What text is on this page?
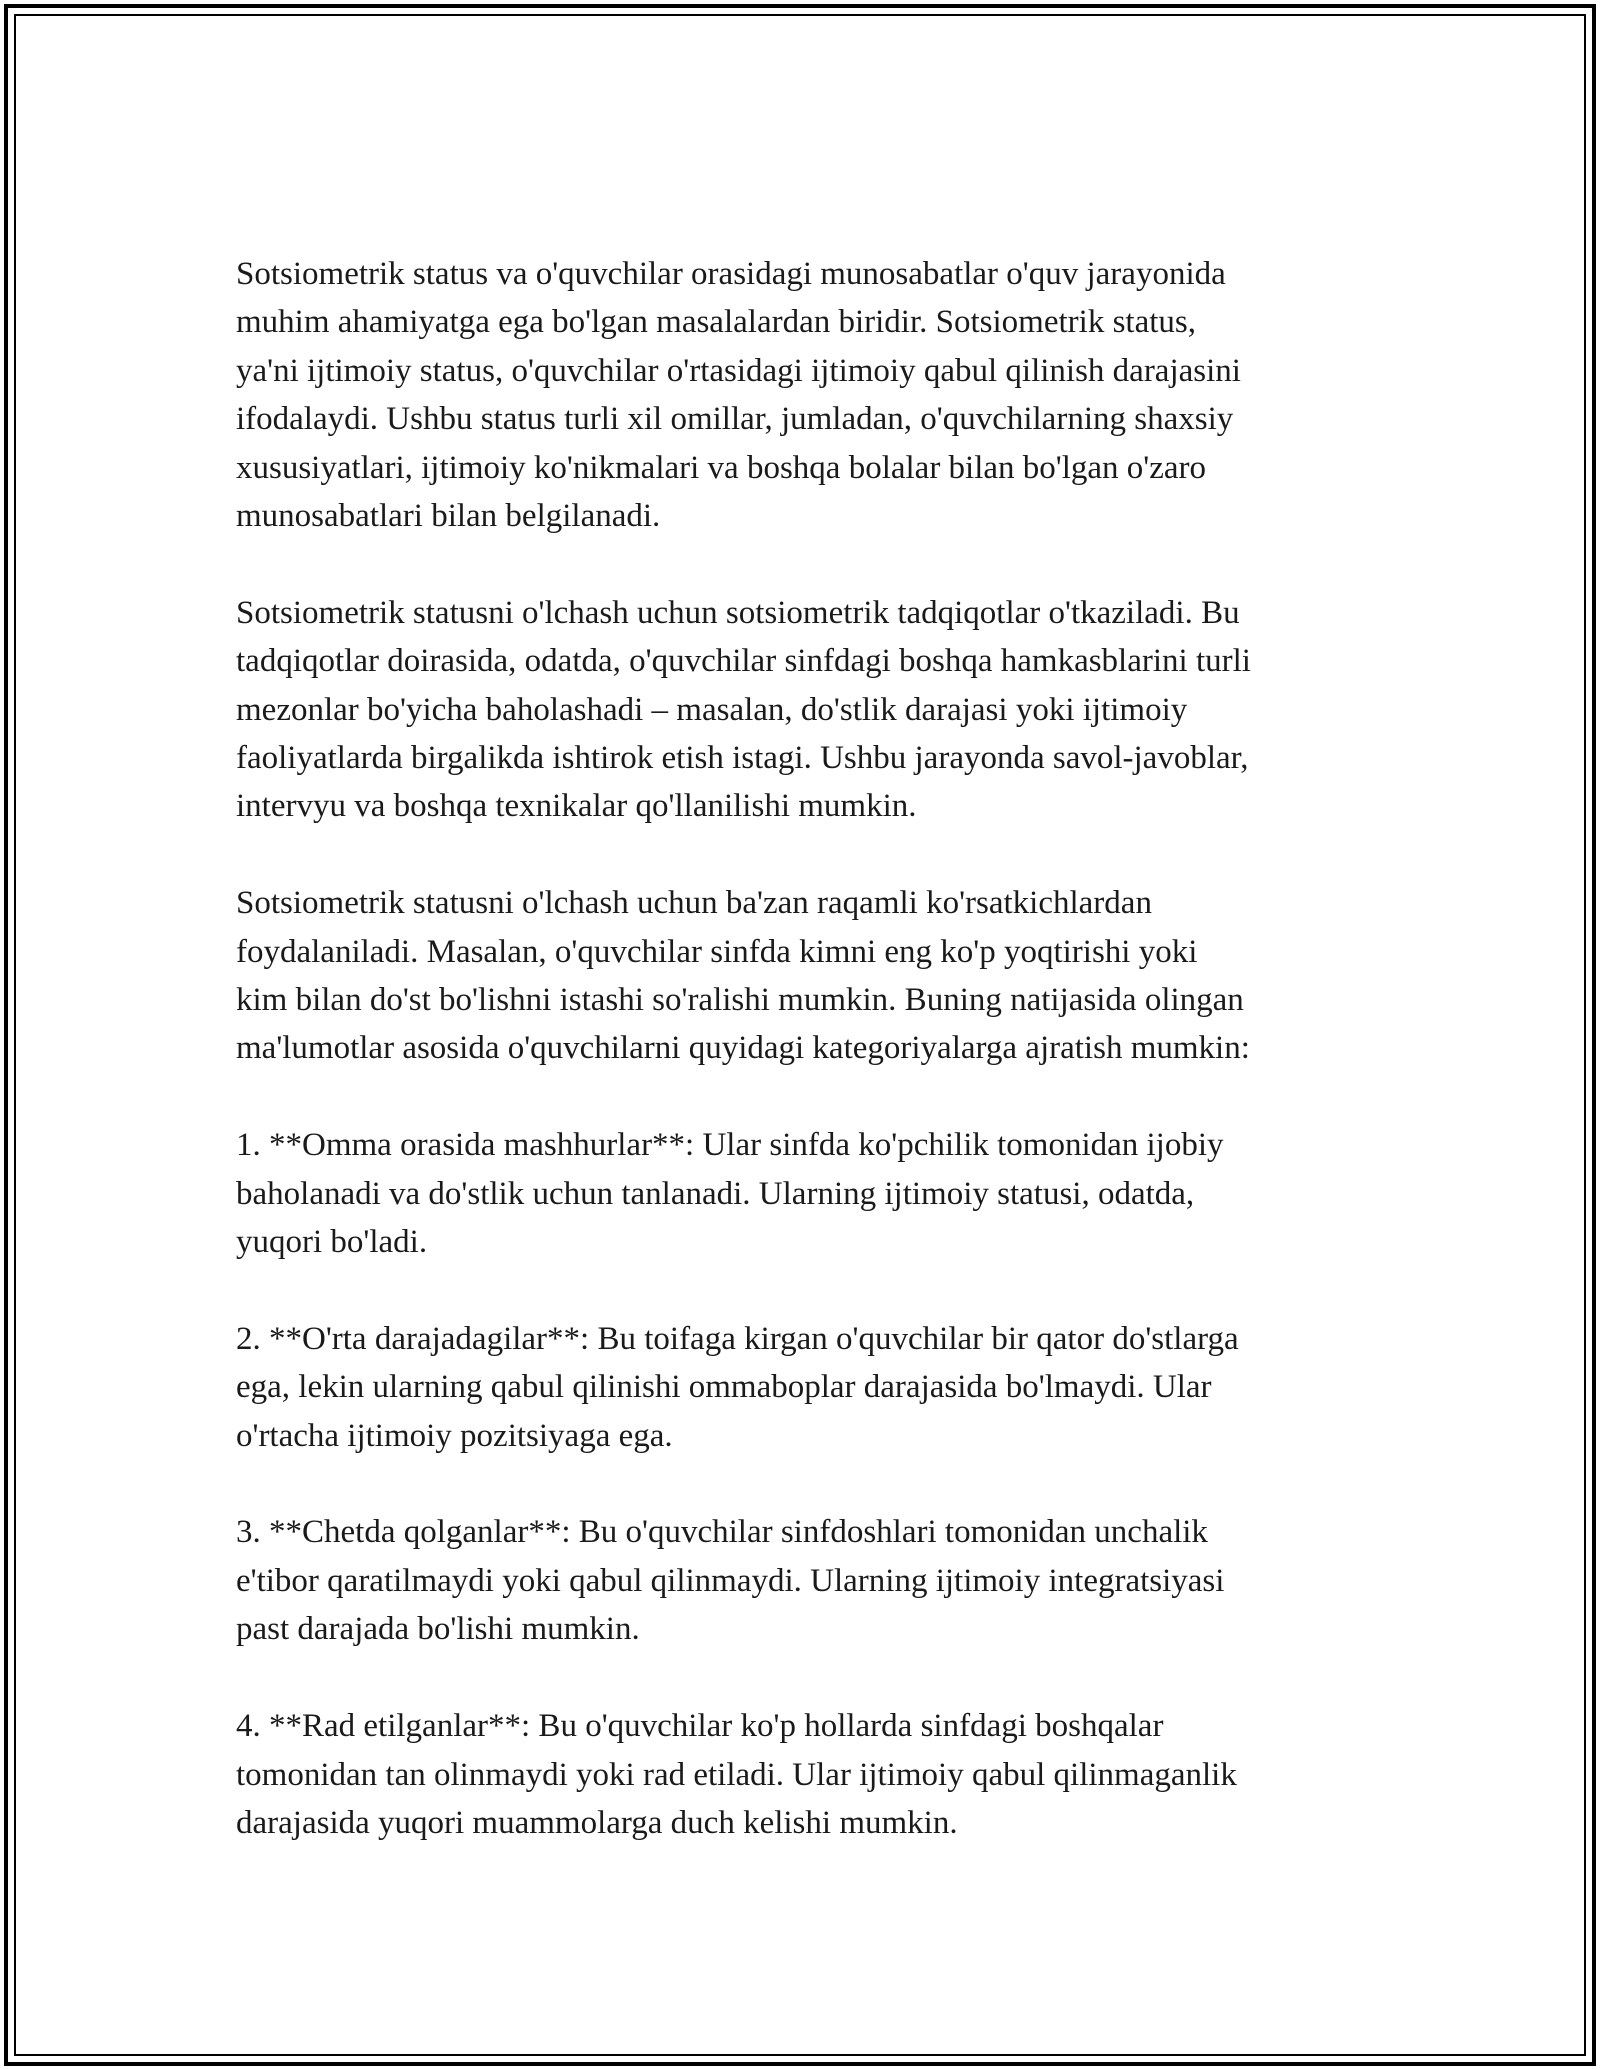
Sotsiometrik status va o'quvchilar orasidagi munosabatlar o'quv jarayonida
muhim ahamiyatga ega bo'lgan masalalardan biridir. Sotsiometrik status,
ya'ni ijtimoiy status, o'quvchilar o'rtasidagi ijtimoiy qabul qilinish darajasini
ifodalaydi. Ushbu status turli xil omillar, jumladan, o'quvchilarning shaxsiy
xususiyatlari, ijtimoiy ko'nikmalari va boshqa bolalar bilan bo'lgan o'zaro
munosabatlari bilan belgilanadi.

Sotsiometrik statusni o'lchash uchun sotsiometrik tadqiqotlar o'tkaziladi. Bu
tadqiqotlar doirasida, odatda, o'quvchilar sinfdagi boshqa hamkasblarini turli
mezonlar bo'yicha baholashadi – masalan, do'stlik darajasi yoki ijtimoiy
faoliyatlarda birgalikda ishtirok etish istagi. Ushbu jarayonda savol-javoblar,
intervyu va boshqa texnikalar qo'llanilishi mumkin.

Sotsiometrik statusni o'lchash uchun ba'zan raqamli ko'rsatkichlardan
foydalaniladi. Masalan, o'quvchilar sinfda kimni eng ko'p yoqtirishi yoki
kim bilan do'st bo'lishni istashi so'ralishi mumkin. Buning natijasida olingan
ma'lumotlar asosida o'quvchilarni quyidagi kategoriyalarga ajratish mumkin:

1. **Omma orasida mashhurlar**: Ular sinfda ko'pchilik tomonidan ijobiy
baholanadi va do'stlik uchun tanlanadi. Ularning ijtimoiy statusi, odatda,
yuqori bo'ladi.

2. **O'rta darajadagilar**: Bu toifaga kirgan o'quvchilar bir qator do'stlarga
ega, lekin ularning qabul qilinishi ommaboplar darajasida bo'lmaydi. Ular
o'rtacha ijtimoiy pozitsiyaga ega.

3. **Chetda qolganlar**: Bu o'quvchilar sinfdoshlari tomonidan unchalik
e'tibor qaratilmaydi yoki qabul qilinmaydi. Ularning ijtimoiy integratsiyasi
past darajada bo'lishi mumkin.

4. **Rad etilganlar**: Bu o'quvchilar ko'p hollarda sinfdagi boshqalar
tomonidan tan olinmaydi yoki rad etiladi. Ular ijtimoiy qabul qilinmaganlik
darajasida yuqori muammolarga duch kelishi mumkin.
